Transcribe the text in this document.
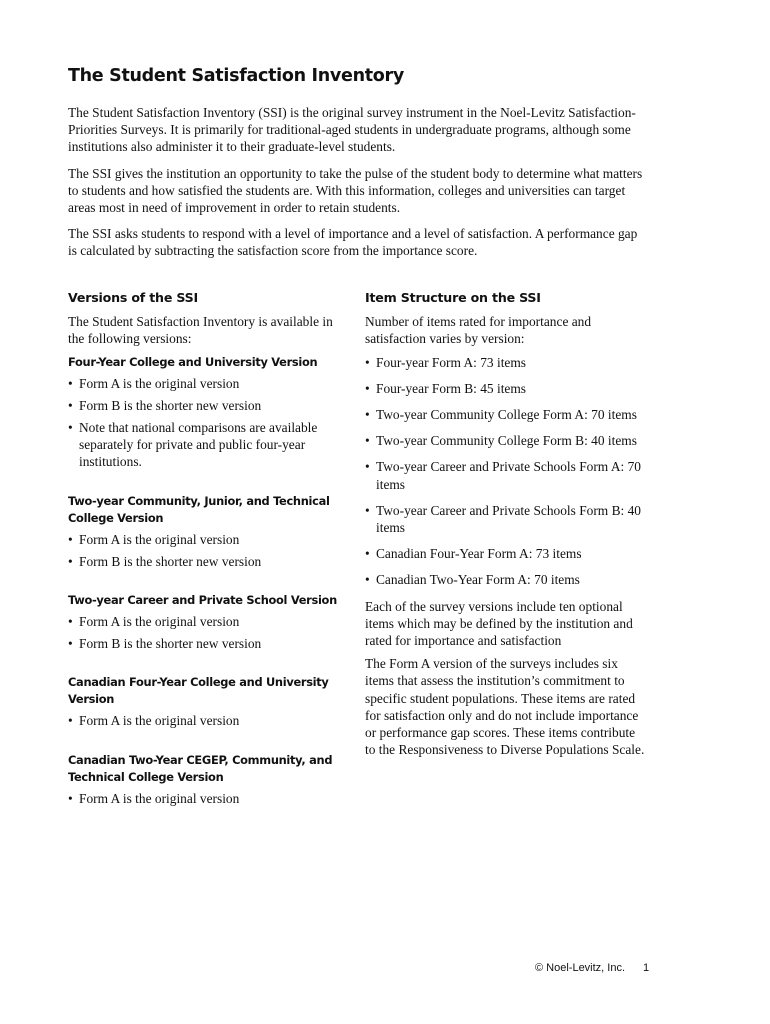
The Student Satisfaction Inventory

The Student Satisfaction Inventory (SSI) is the original survey instrument in the Noel-Levitz Satisfaction-Priorities Surveys. It is primarily for traditional-aged students in undergraduate programs, although some institutions also administer it to their graduate-level students.

The SSI gives the institution an opportunity to take the pulse of the student body to determine what matters to students and how satisfied the students are. With this information, colleges and universities can target areas most in need of improvement in order to retain students.

The SSI asks students to respond with a level of importance and a level of satisfaction. A performance gap is calculated by subtracting the satisfaction score from the importance score.

Versions of the SSI

The Student Satisfaction Inventory is available in the following versions:

Four-Year College and University Version
• Form A is the original version
• Form B is the shorter new version
• Note that national comparisons are available separately for private and public four-year institutions.
Two-year Community, Junior, and Technical College Version
• Form A is the original version
• Form B is the shorter new version
Two-year Career and Private School Version
• Form A is the original version
• Form B is the shorter new version
Canadian Four-Year College and University Version
• Form A is the original version
Canadian Two-Year CEGEP, Community, and Technical College Version
• Form A is the original version
Item Structure on the SSI

Number of items rated for importance and satisfaction varies by version:

• Four-year Form A: 73 items
• Four-year Form B: 45 items
• Two-year Community College Form A: 70 items
• Two-year Community College Form B: 40 items
• Two-year Career and Private Schools Form A: 70 items
• Two-year Career and Private Schools Form B: 40 items
• Canadian Four-Year Form A: 73 items
• Canadian Two-Year Form A: 70 items

Each of the survey versions include ten optional items which may be defined by the institution and rated for importance and satisfaction

The Form A version of the surveys includes six items that assess the institution’s commitment to specific student populations. These items are rated for satisfaction only and do not include importance or performance gap scores. These items contribute to the Responsiveness to Diverse Populations Scale.

© Noel-Levitz, Inc. 1
